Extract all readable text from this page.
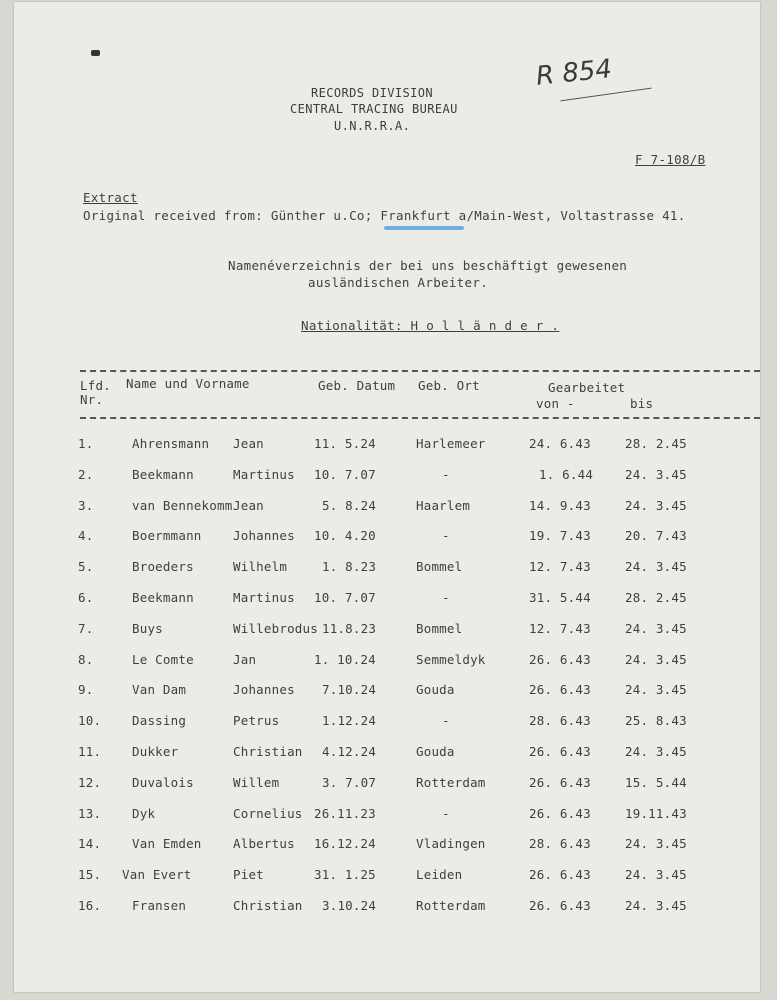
RECORDS DIVISION
CENTRAL TRACING BUREAU
U.N.R.R.A.
R 854
F 7-108/B
Extract
Original received from: Günther u.Co; Frankfurt a/Main-West, Voltastrasse 41.
Namenéverzeichnis der bei uns beschäftigt gewesenen
ausländischen Arbeiter.
Nationalität: H o l l ä n d e r .
Lfd.
Nr.
Name und Vorname	Geb. Datum Geb. Ort	Gearbeitet
von -	bis
1.	Ahrensmann Jean	11. 5.24	Harlemeer	24. 6.43	28. 2.45
2.	Beekmann	Martinus 10. 7.07	-	1. 6.44	24. 3.45
3.	van Bennekomm Jean	5. 8.24	Haarlem	14. 9.43	24. 3.45
4.	Boermmann	Johannes 10. 4.20	-	19. 7.43	20. 7.43
5.	Broeders	Wilhelm	1. 8.23	Bommel	12. 7.43	24. 3.45
6.	Beekmann	Martinus 10. 7.07	-	31. 5.44	28. 2.45
7.	Buys	Willebrodus 11.8.23	Bommel	12. 7.43	24. 3.45
8.	Le Comte	Jan	1. 10.24	Semmeldyk	26. 6.43	24. 3.45
9.	Van Dam	Johannes 7.10.24	Gouda	26. 6.43	24. 3.45
10. Dassing	Petrus	1.12.24	-	28. 6.43	25. 8.43
11. Dukker	Christian 4.12.24	Gouda	26. 6.43	24. 3.45
12. Duvalois	Willem	3. 7.07	Rotterdam	26. 6.43	15. 5.44
13. Dyk	Cornelius 26.11.23	-	26. 6.43	19.11.43
14. Van Emden	Albertus 16.12.24	Vladingen	28. 6.43	24. 3.45
15. Van Evert	Piet	31. 1.25	Leiden	26. 6.43	24. 3.45
16. Fransen	Christian 3.10.24	Rotterdam	26. 6.43	24. 3.45
